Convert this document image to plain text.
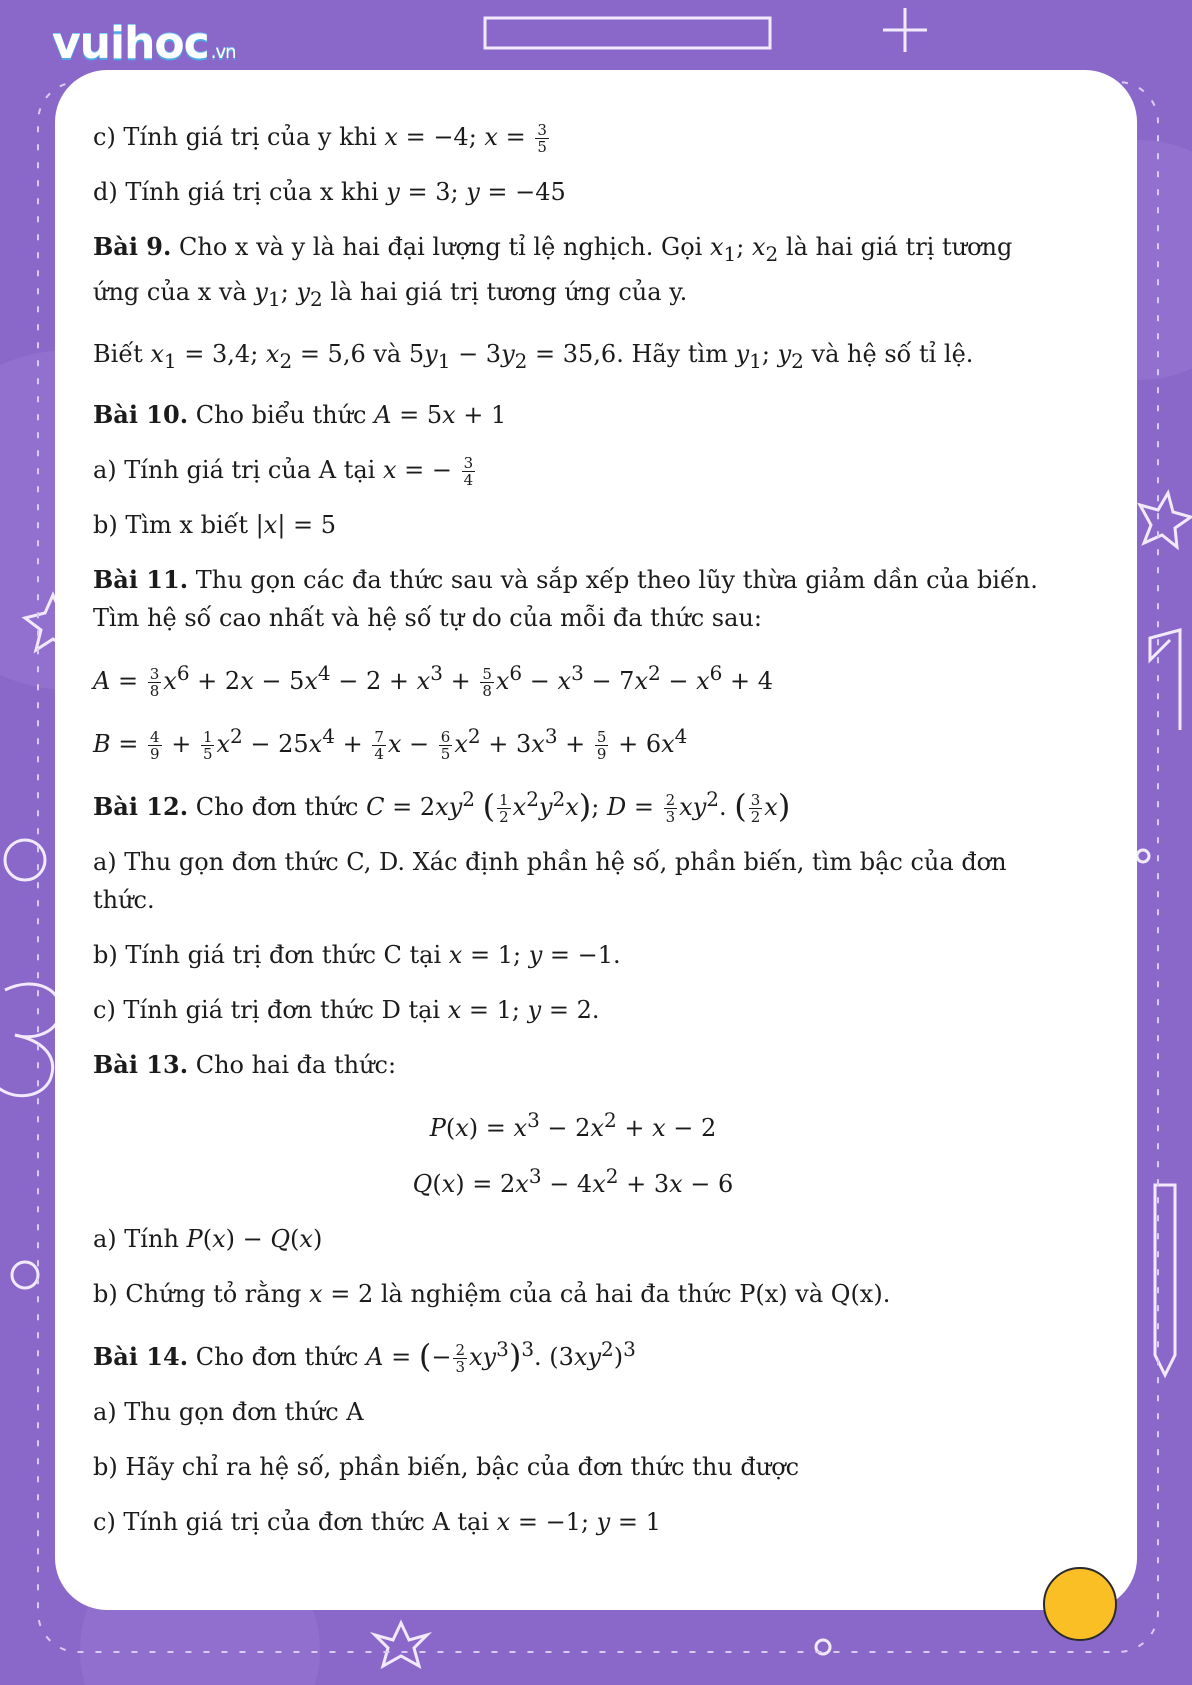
vuihoc .vn

c) Tính giá trị của y khi x = −4; $x = \frac{3}{5}$

d) Tính giá trị của x khi y = 3; y = −45

Bài 9. Cho x và y là hai đại lượng tỉ lệ nghịch. Gọi $x_1$; $x_2$ là hai giá trị tương ứng của x và $y_1$; $y_2$ là hai giá trị tương ứng của y.

Biết $x_1 = 3,4$; $x_2 = 5,6$ và $5y_1 - 3y_2 = 35,6$. Hãy tìm $y_1$; $y_2$ và hệ số tỉ lệ.

Bài 10. Cho biểu thức A = 5x + 1

a) Tính giá trị của A tại x = − $\frac{3}{4}$

b) Tìm x biết |x| = 5

Bài 11. Thu gọn các đa thức sau và sắp xếp theo lũy thừa giảm dần của biến. Tìm hệ số cao nhất và hệ số tự do của mỗi đa thức sau:

$A = \frac{3}{8} x^6 + 2x - 5x^4 - 2 + x^3 + \frac{5}{8} x^6 - x^3 - 7x^2 - x^6 + 4$

$B = \frac{4}{9} + \frac{1}{5} x^2 - 25x^4 + \frac{7}{4}$ $x - \frac{6}{5} x^2 + 3x^3 + \frac{5}{9} + 6x^4$

Bài 12. Cho đơn thức $C = 2xy^2$ ( $\frac{1}{2} x^2y^2x$); $D = \frac{2}{3} xy^2$. ( $\frac{3}{2} x$)

a) Thu gọn đơn thức C, D. Xác định phần hệ số, phần biến, tìm bậc của đơn thức.

b) Tính giá trị đơn thức C tại x = 1; y = −1.

c) Tính giá trị đơn thức D tại x = 1; y = 2.

Bài 13. Cho hai đa thức:

$P(x) = x^3 - 2x^2 + x - 2$

$Q(x) = 2x^3 - 4x^2 + 3x - 6$

a) Tính P(x) − Q(x)

b) Chứng tỏ rằng x = 2 là nghiệm của cả hai đa thức P(x) và Q(x).

Bài 14. Cho đơn thức A = (− $\frac{2}{3} xy^3)^3$. $(3xy^2)^3$

a) Thu gọn đơn thức A

b) Hãy chỉ ra hệ số, phần biến, bậc của đơn thức thu được

c) Tính giá trị của đơn thức A tại x = −1; y = 1
